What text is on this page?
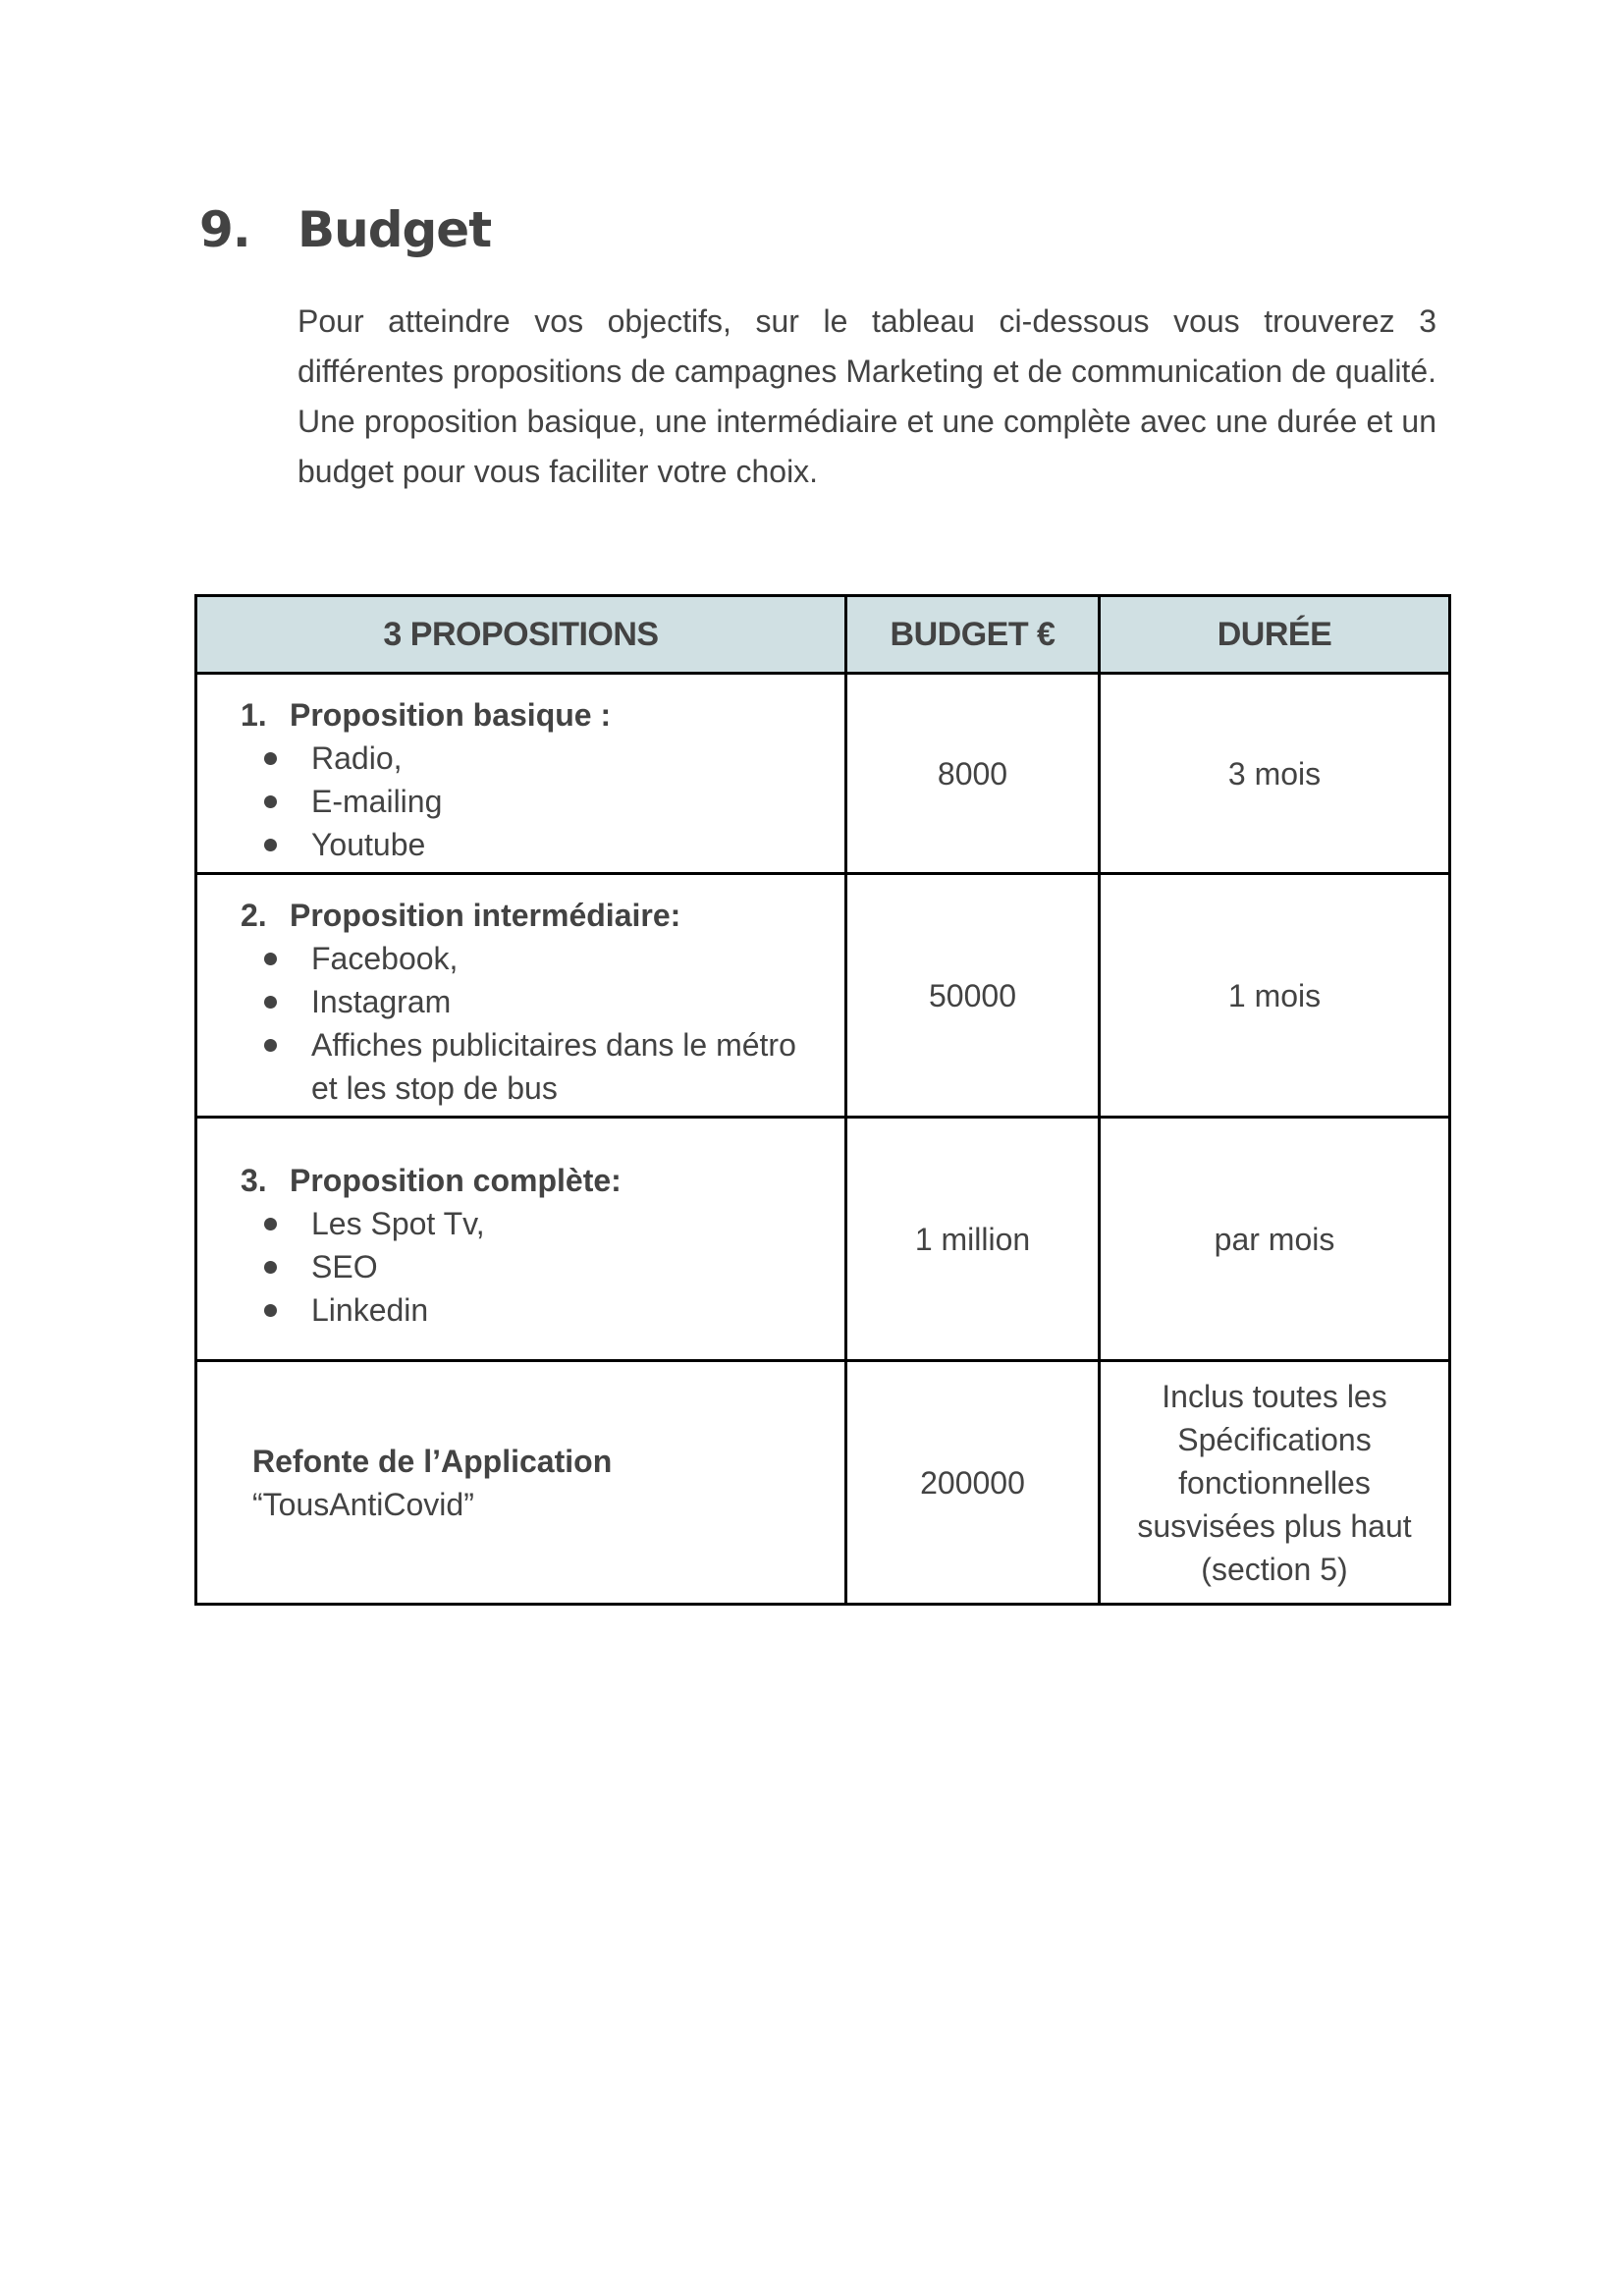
9. Budget

Pour atteindre vos objectifs, sur le tableau ci-dessous vous trouverez 3 différentes propositions de campagnes Marketing et de communication de qualité. Une proposition basique, une intermédiaire et une complète avec une durée et un budget pour vous faciliter votre choix.

3 PROPOSITIONS	BUDGET €	DURÉE

1. Proposition basique :
Radio,
E-mailing
Youtube
	8000	3 mois

2. Proposition intermédiaire:
Facebook,
Instagram
Affiches publicitaires dans le métro et les stop de bus
	50000	1 mois

3. Proposition complète:
Les Spot Tv,
SEO
Linkedin
	1 million	par mois

Refonte de l’Application
“TousAntiCovid”	200000	Inclus toutes les Spécifications fonctionnelles susvisées plus haut (section 5)
